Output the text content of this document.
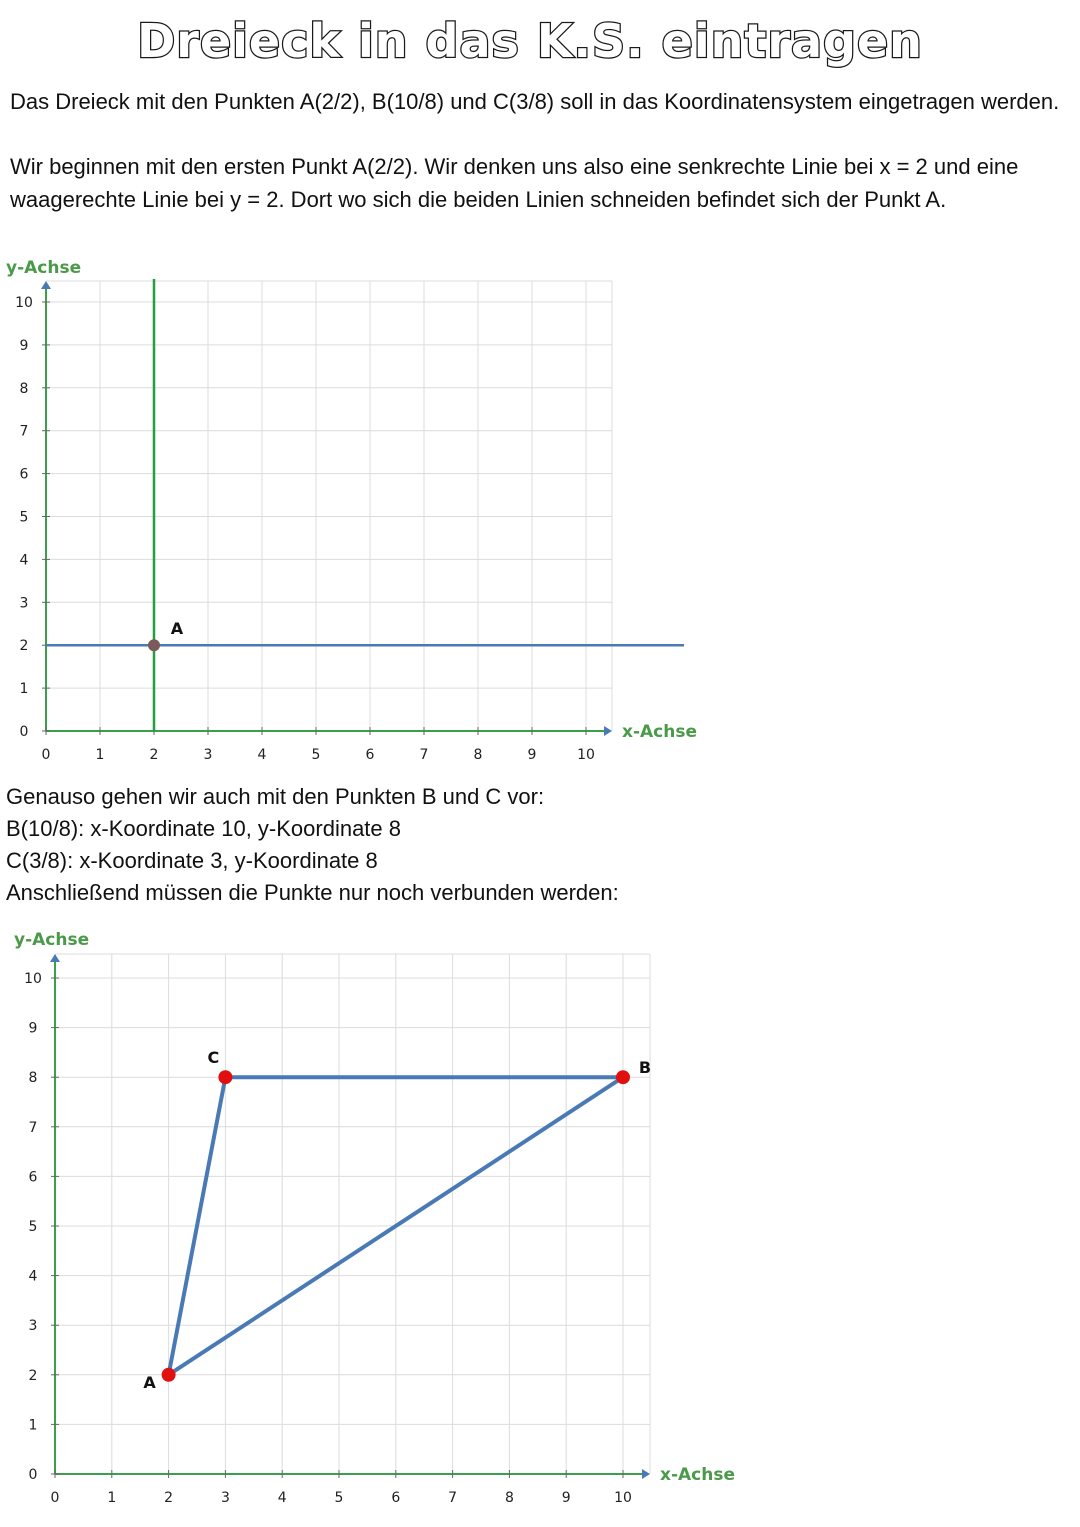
Dreieck in das K.S. eintragen

Das Dreieck mit den Punkten A(2/2), B(10/8) und C(3/8) soll in das Koordinatensystem eingetragen werden.

Wir beginnen mit den ersten Punkt A(2/2). Wir denken uns also eine senkrechte Linie bei x = 2 und eine waagerechte Linie bei y = 2. Dort wo sich die beiden Linien schneiden befindet sich der Punkt A.

0	1	2	3	4	5	6	7	8	9	10
0
1
2
3
4
5
6
7
8
9
10
y-Achse
x-Achse
A

Genauso gehen wir auch mit den Punkten B und C vor:

B(10/8): x-Koordinate 10, y-Koordinate 8

C(3/8): x-Koordinate 3, y-Koordinate 8

Anschließend müssen die Punkte nur noch verbunden werden:

0	1	2	3	4	5	6	7	8	9	10
0
1
2
3
4
5
6
7
8
9
10
y-Achse
x-Achse
A
B
C
